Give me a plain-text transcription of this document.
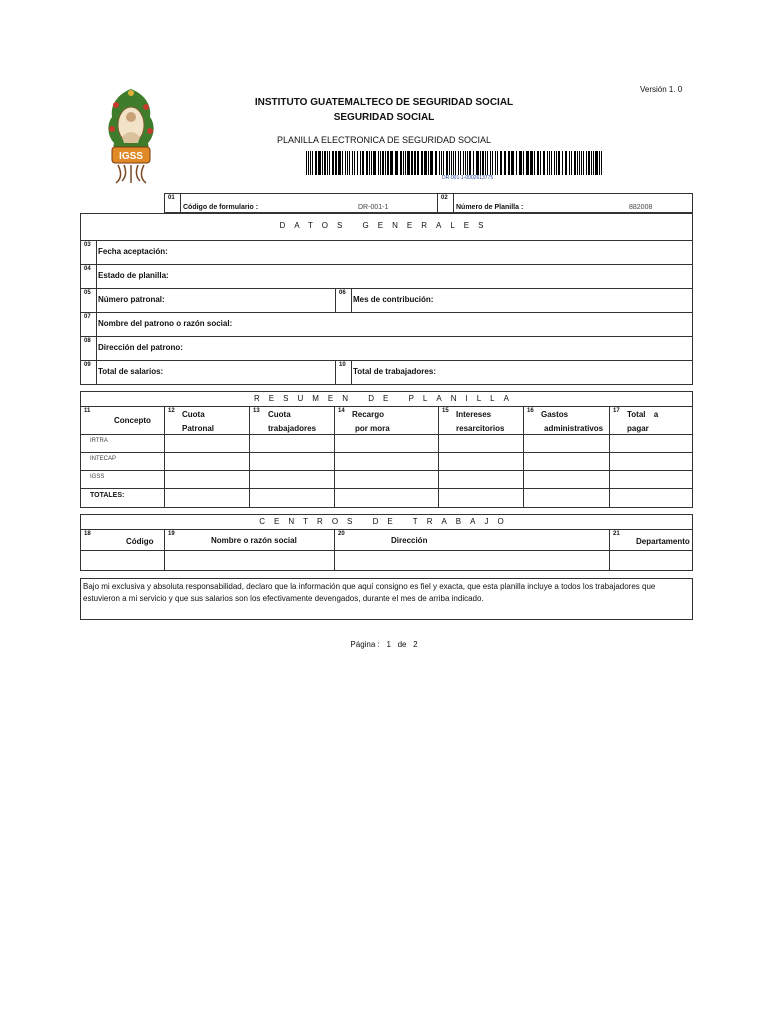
Versión 1. 0
IGSS
INSTITUTO GUATEMALTECO DE SEGURIDAD SOCIAL
SEGURIDAD SOCIAL
PLANILLA ELECTRONICA DE SEGURIDAD SOCIAL
DR-001-1-0002613775
01
Código de formulario :	DR-001-1
02
Número de Planilla :	882008
DATOS GENERALES
03
Fecha aceptación:
04
Estado de planilla:
05
Número patronal:
06
Mes de contribución:
07
Nombre del patrono o razón social:
08
Dirección del patrono:
09
Total de salarios:
10
Total de trabajadores:
RESUMEN DE PLANILLA
11
Concepto
12 Cuota
Patronal
13 Cuota
trabajadores
14 Recargo
por mora
15 Intereses
resarcitorios
16 Gastos
administrativos
17 Total a
pagar
IRTRA
INTECAP
IGSS
TOTALES:
CENTROS DE TRABAJO
18
Código
19
Nombre o razón social
20
Dirección
21
Departamento
Bajo mi exclusiva y absoluta responsabilidad, declaro que la información que aquí consigno es fiel y exacta, que esta planilla incluye a todos los trabajadores que estuvieron a mi servicio y que sus salarios son los efectivamente devengados, durante el mes de arriba indicado.
Página : 1 de 2
